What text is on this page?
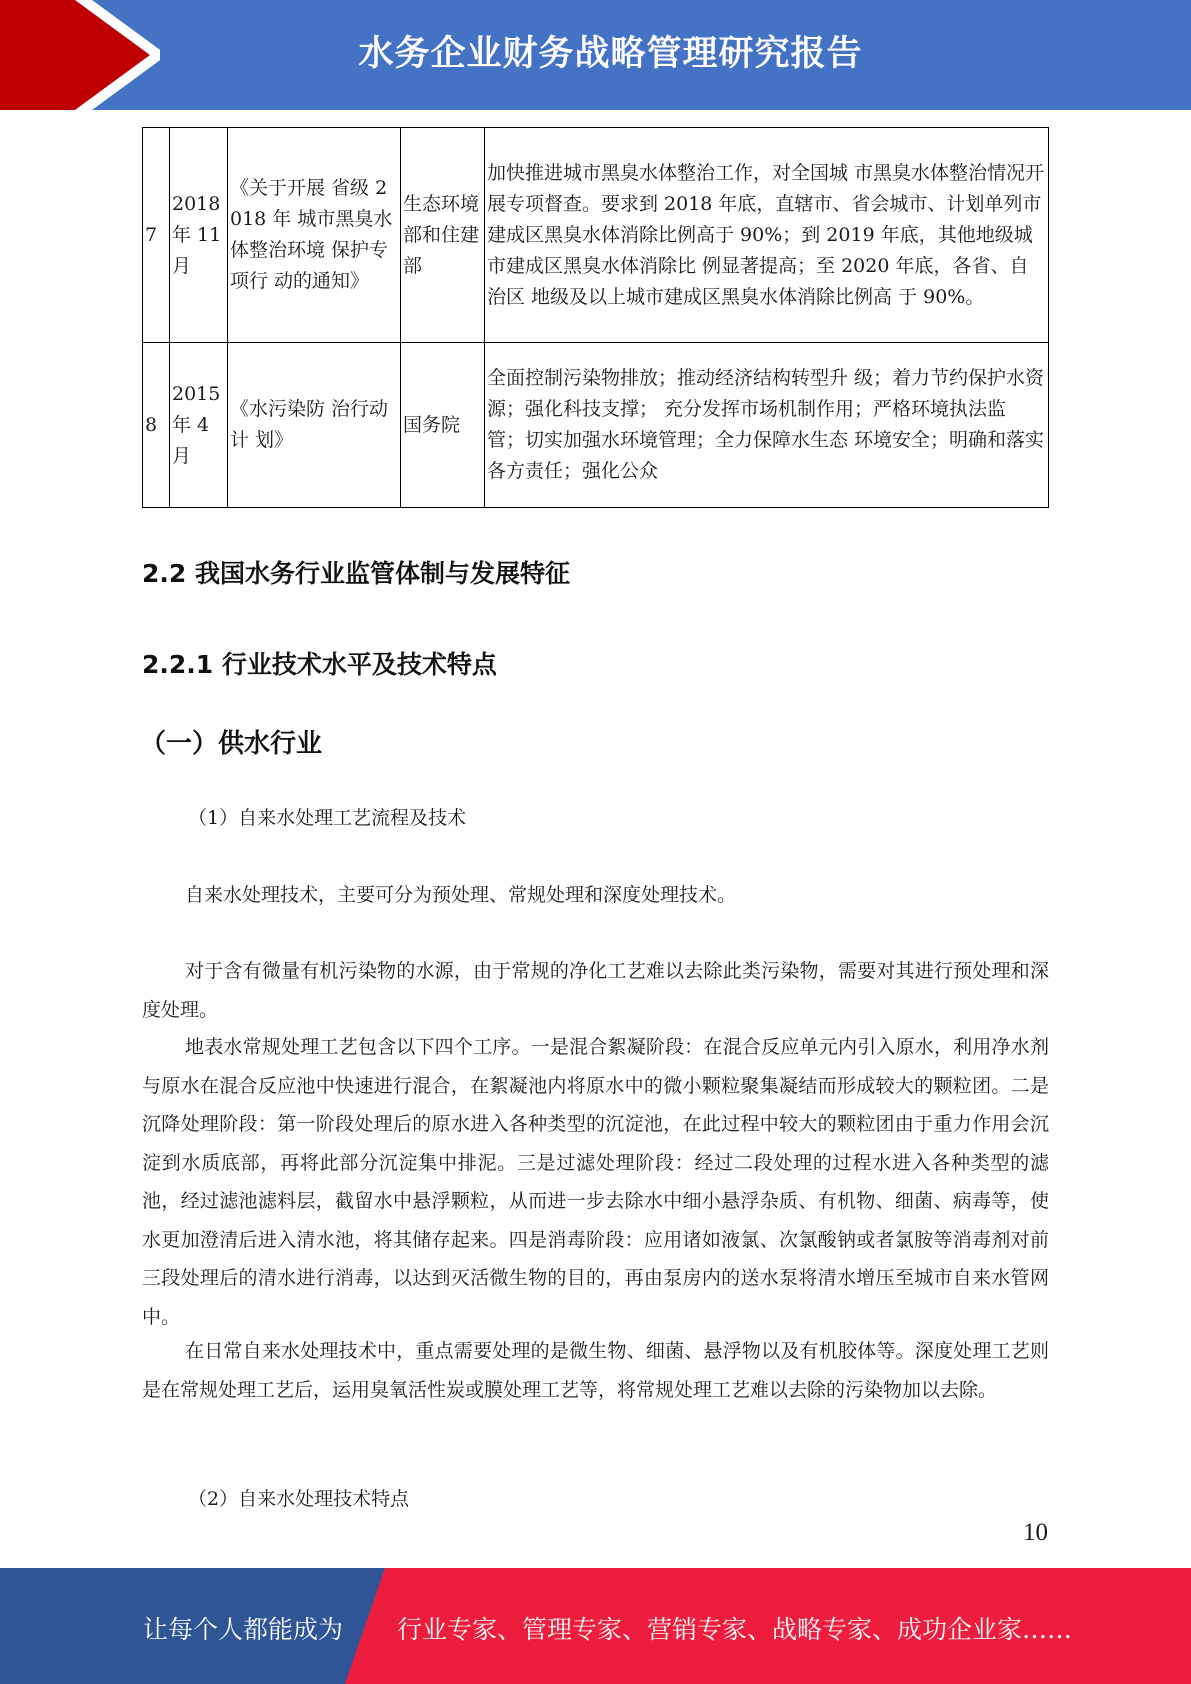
水务企业财务战略管理研究报告
7	2018 年 11 月	《关于开展 省级 2018 年 城市黑臭水 体整治环境 保护专项行 动的通知》	生态环境 部和住建 部	加快推进城市黑臭水体整治工作，对全国城 市黑臭水体整治情况开展专项督查。要求到 2018 年底，直辖市、省会城市、计划单列市 建成区黑臭水体消除比例高于 90%；到 2019 年底，其他地级城市建成区黑臭水体消除比 例显著提高；至 2020 年底，各省、自治区 地级及以上城市建成区黑臭水体消除比例高 于 90%。
8	2015 年 4 月	《水污染防 治行动计 划》	国务院	全面控制污染物排放；推动经济结构转型升 级；着力节约保护水资源；强化科技支撑； 充分发挥市场机制作用；严格环境执法监 管；切实加强水环境管理；全力保障水生态 环境安全；明确和落实各方责任；强化公众
2.2 我国水务行业监管体制与发展特征
2.2.1 行业技术水平及技术特点
（一）供水行业
（1）自来水处理工艺流程及技术
自来水处理技术，主要可分为预处理、常规处理和深度处理技术。
对于含有微量有机污染物的水源，由于常规的净化工艺难以去除此类污染物，需要对其进行预处理和深度处理。
地表水常规处理工艺包含以下四个工序。一是混合絮凝阶段：在混合反应单元内引入原水，利用净水剂与原水在混合反应池中快速进行混合，在絮凝池内将原水中的微小颗粒聚集凝结而形成较大的颗粒团。二是沉降处理阶段：第一阶段处理后的原水进入各种类型的沉淀池，在此过程中较大的颗粒团由于重力作用会沉淀到水质底部，再将此部分沉淀集中排泥。三是过滤处理阶段：经过二段处理的过程水进入各种类型的滤池，经过滤池滤料层，截留水中悬浮颗粒，从而进一步去除水中细小悬浮杂质、有机物、细菌、病毒等，使水更加澄清后进入清水池，将其储存起来。四是消毒阶段：应用诸如液氯、次氯酸钠或者氯胺等消毒剂对前三段处理后的清水进行消毒，以达到灭活微生物的目的，再由泵房内的送水泵将清水增压至城市自来水管网中。
在日常自来水处理技术中，重点需要处理的是微生物、细菌、悬浮物以及有机胶体等。深度处理工艺则是在常规处理工艺后，运用臭氧活性炭或膜处理工艺等，将常规处理工艺难以去除的污染物加以去除。
（2）自来水处理技术特点
10
让每个人都能成为 行业专家、管理专家、营销专家、战略专家、成功企业家……
